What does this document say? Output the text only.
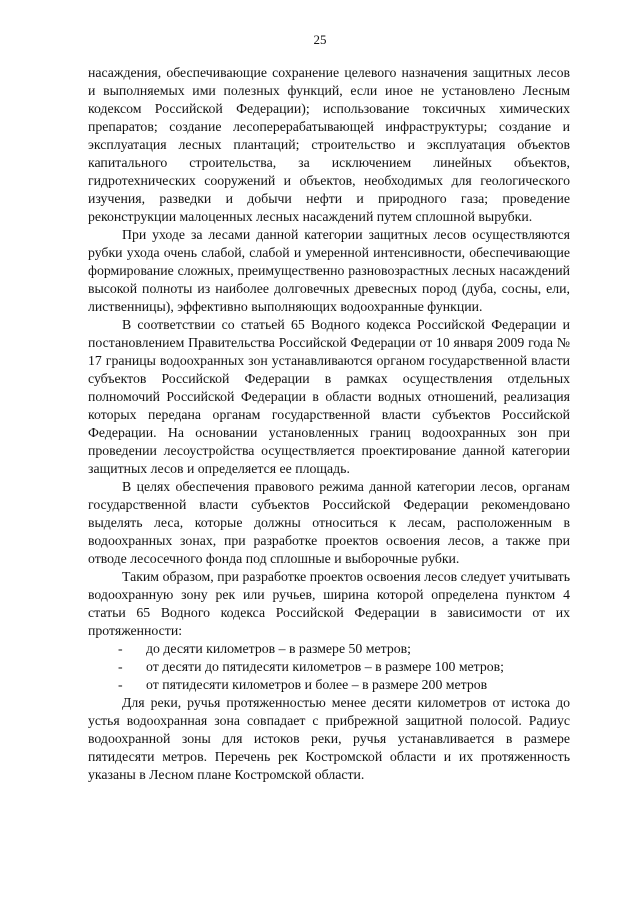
25

насаждения, обеспечивающие сохранение целевого назначения защитных лесов и выполняемых ими полезных функций, если иное не установлено Лесным кодексом Российской Федерации); использование токсичных химических препаратов; создание лесоперерабатывающей инфраструктуры; создание и эксплуатация лесных плантаций; строительство и эксплуатация объектов капитального строительства, за исключением линейных объектов, гидротехнических сооружений и объектов, необходимых для геологического изучения, разведки и добычи нефти и природного газа; проведение реконструкции малоценных лесных насаждений путем сплошной вырубки.

При уходе за лесами данной категории защитных лесов осуществляются рубки ухода очень слабой, слабой и умеренной интенсивности, обеспечивающие формирование сложных, преимущественно разновозрастных лесных насаждений высокой полноты из наиболее долговечных древесных пород (дуба, сосны, ели, лиственницы), эффективно выполняющих водоохранные функции.

В соответствии со статьей 65 Водного кодекса Российской Федерации и постановлением Правительства Российской Федерации от 10 января 2009 года № 17 границы водоохранных зон устанавливаются органом государственной власти субъектов Российской Федерации в рамках осуществления отдельных полномочий Российской Федерации в области водных отношений, реализация которых передана органам государственной власти субъектов Российской Федерации. На основании установленных границ водоохранных зон при проведении лесоустройства осуществляется проектирование данной категории защитных лесов и определяется ее площадь.

В целях обеспечения правового режима данной категории лесов, органам государственной власти субъектов Российской Федерации рекомендовано выделять леса, которые должны относиться к лесам, расположенным в водоохранных зонах, при разработке проектов освоения лесов, а также при отводе лесосечного фонда под сплошные и выборочные рубки.

Таким образом, при разработке проектов освоения лесов следует учитывать водоохранную зону рек или ручьев, ширина которой определена пунктом 4 статьи 65 Водного кодекса Российской Федерации в зависимости от их протяженности:

-	до десяти километров – в размере 50 метров;
-	от десяти до пятидесяти километров – в размере 100 метров;
-	от пятидесяти километров и более – в размере 200 метров

Для реки, ручья протяженностью менее десяти километров от истока до устья водоохранная зона совпадает с прибрежной защитной полосой. Радиус водоохранной зоны для истоков реки, ручья устанавливается в размере пятидесяти метров. Перечень рек Костромской области и их протяженность указаны в Лесном плане Костромской области.
